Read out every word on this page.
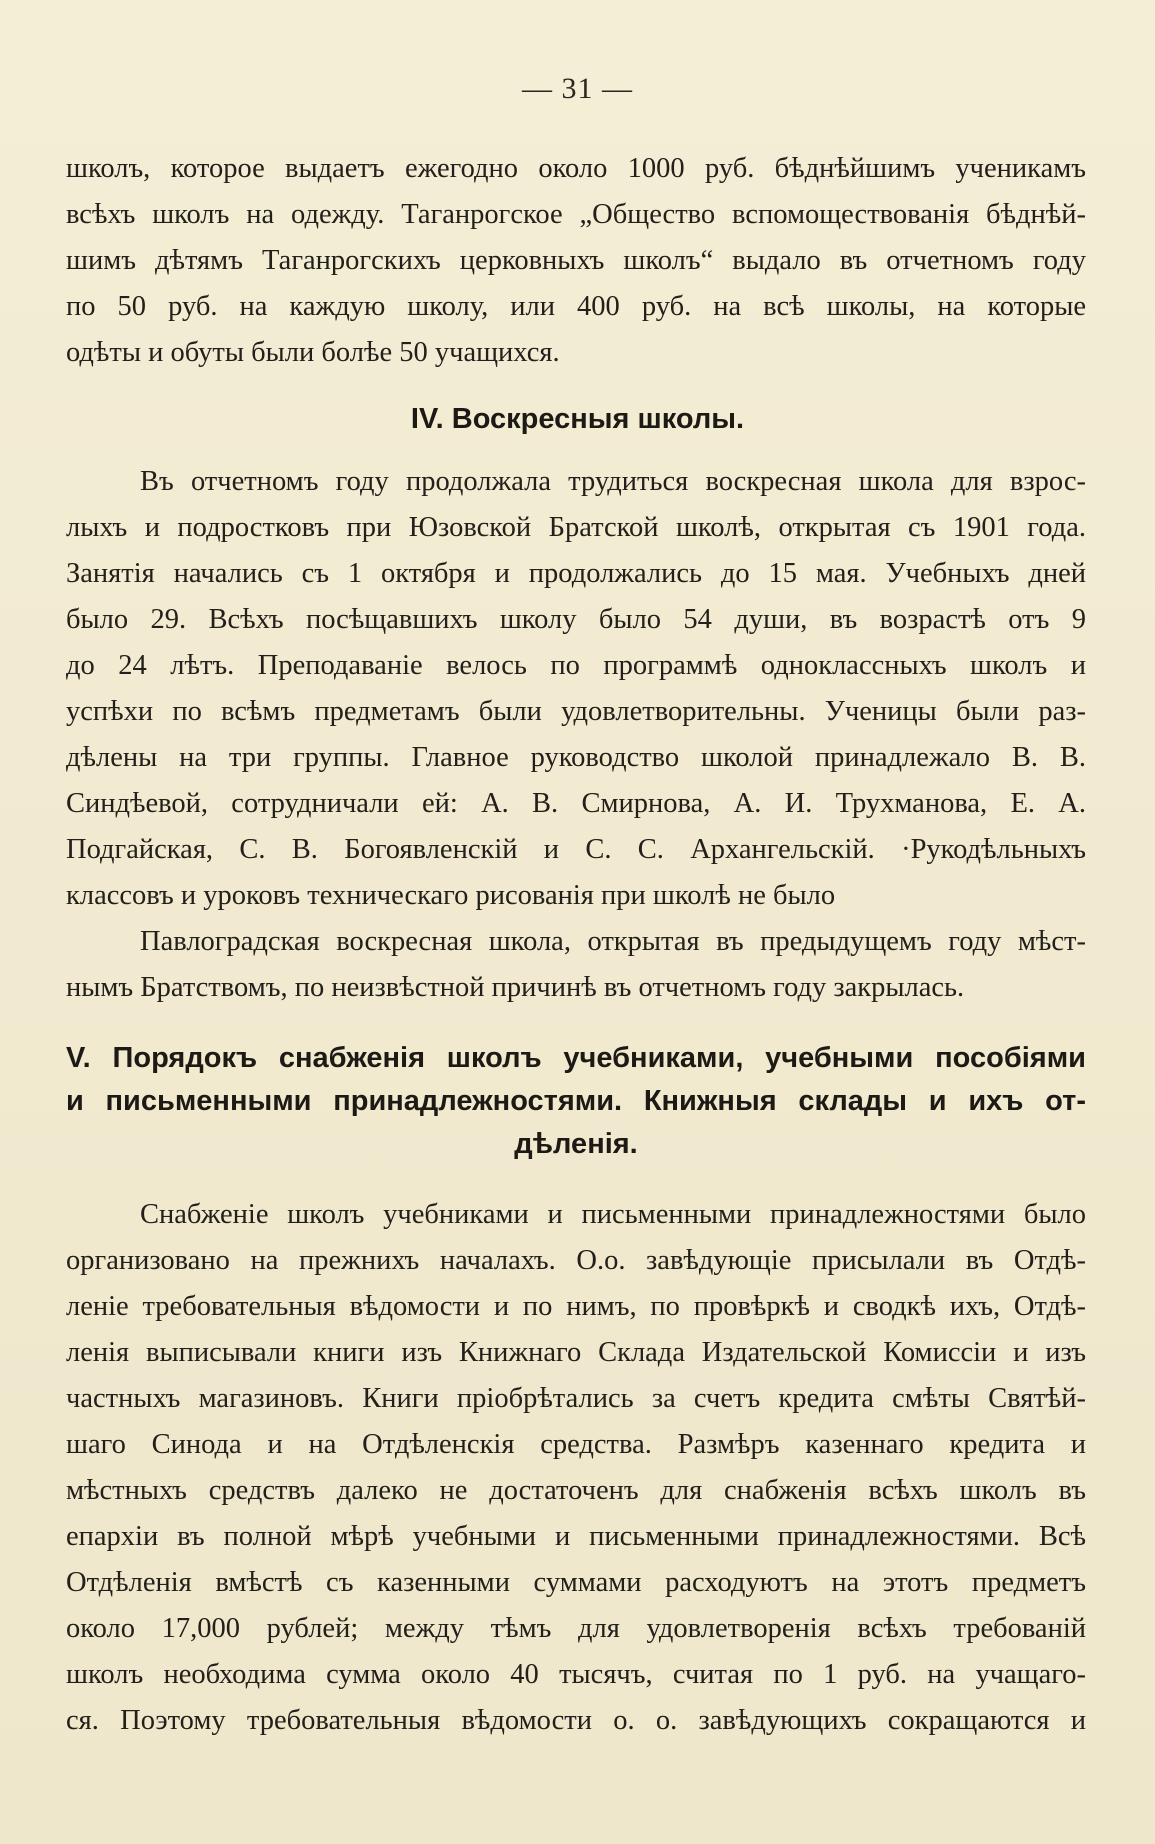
— 31 —
школъ, которое выдаетъ ежегодно около 1000 руб. бѣднѣйшимъ ученикамъ
всѣхъ школъ на одежду. Таганрогское „Общество вспомоществованія бѣднѣй-
шимъ дѣтямъ Таганрогскихъ церковныхъ школъ“ выдало въ отчетномъ году
по 50 руб. на каждую школу, или 400 руб. на всѣ школы, на которые
одѣты и обуты были болѣе 50 учащихся.
IV. Воскресныя школы.
Въ отчетномъ году продолжала трудиться воскресная школа для взрос-
лыхъ и подростковъ при Юзовской Братской школѣ, открытая съ 1901 года.
Занятія начались съ 1 октября и продолжались до 15 мая. Учебныхъ дней
было 29. Всѣхъ посѣщавшихъ школу было 54 души, въ возрастѣ отъ 9
до 24 лѣтъ. Преподаваніе велось по программѣ одноклассныхъ школъ и
успѣхи по всѣмъ предметамъ были удовлетворительны. Ученицы были раз-
дѣлены на три группы. Главное руководство школой принадлежало В. В.
Синдѣевой, сотрудничали ей: А. В. Смирнова, А. И. Трухманова, Е. А.
Подгайская, С. В. Богоявленскій и С. С. Архангельскій. ·Рукодѣльныхъ
классовъ и уроковъ техническаго рисованія при школѣ не было
Павлоградская воскресная школа, открытая въ предыдущемъ году мѣст-
нымъ Братствомъ, по неизвѣстной причинѣ въ отчетномъ году закрылась.
V. Порядокъ снабженія школъ учебниками, учебными пособіями
и письменными принадлежностями. Книжныя склады и ихъ от-
дѣленія.
Снабженіе школъ учебниками и письменными принадлежностями было
организовано на прежнихъ началахъ. О.о. завѣдующіе присылали въ Отдѣ-
леніе требовательныя вѣдомости и по нимъ, по провѣркѣ и сводкѣ ихъ, Отдѣ-
ленія выписывали книги изъ Книжнаго Склада Издательской Комиссіи и изъ
частныхъ магазиновъ. Книги пріобрѣтались за счетъ кредита смѣты Святѣй-
шаго Синода и на Отдѣленскія средства. Размѣръ казеннаго кредита и
мѣстныхъ средствъ далеко не достаточенъ для снабженія всѣхъ школъ въ
епархіи въ полной мѣрѣ учебными и письменными принадлежностями. Всѣ
Отдѣленія вмѣстѣ съ казенными суммами расходуютъ на этотъ предметъ
около 17,000 рублей; между тѣмъ для удовлетворенія всѣхъ требованій
школъ необходима сумма около 40 тысячъ, считая по 1 руб. на учащаго-
ся. Поэтому требовательныя вѣдомости о. о. завѣдующихъ сокращаются и
